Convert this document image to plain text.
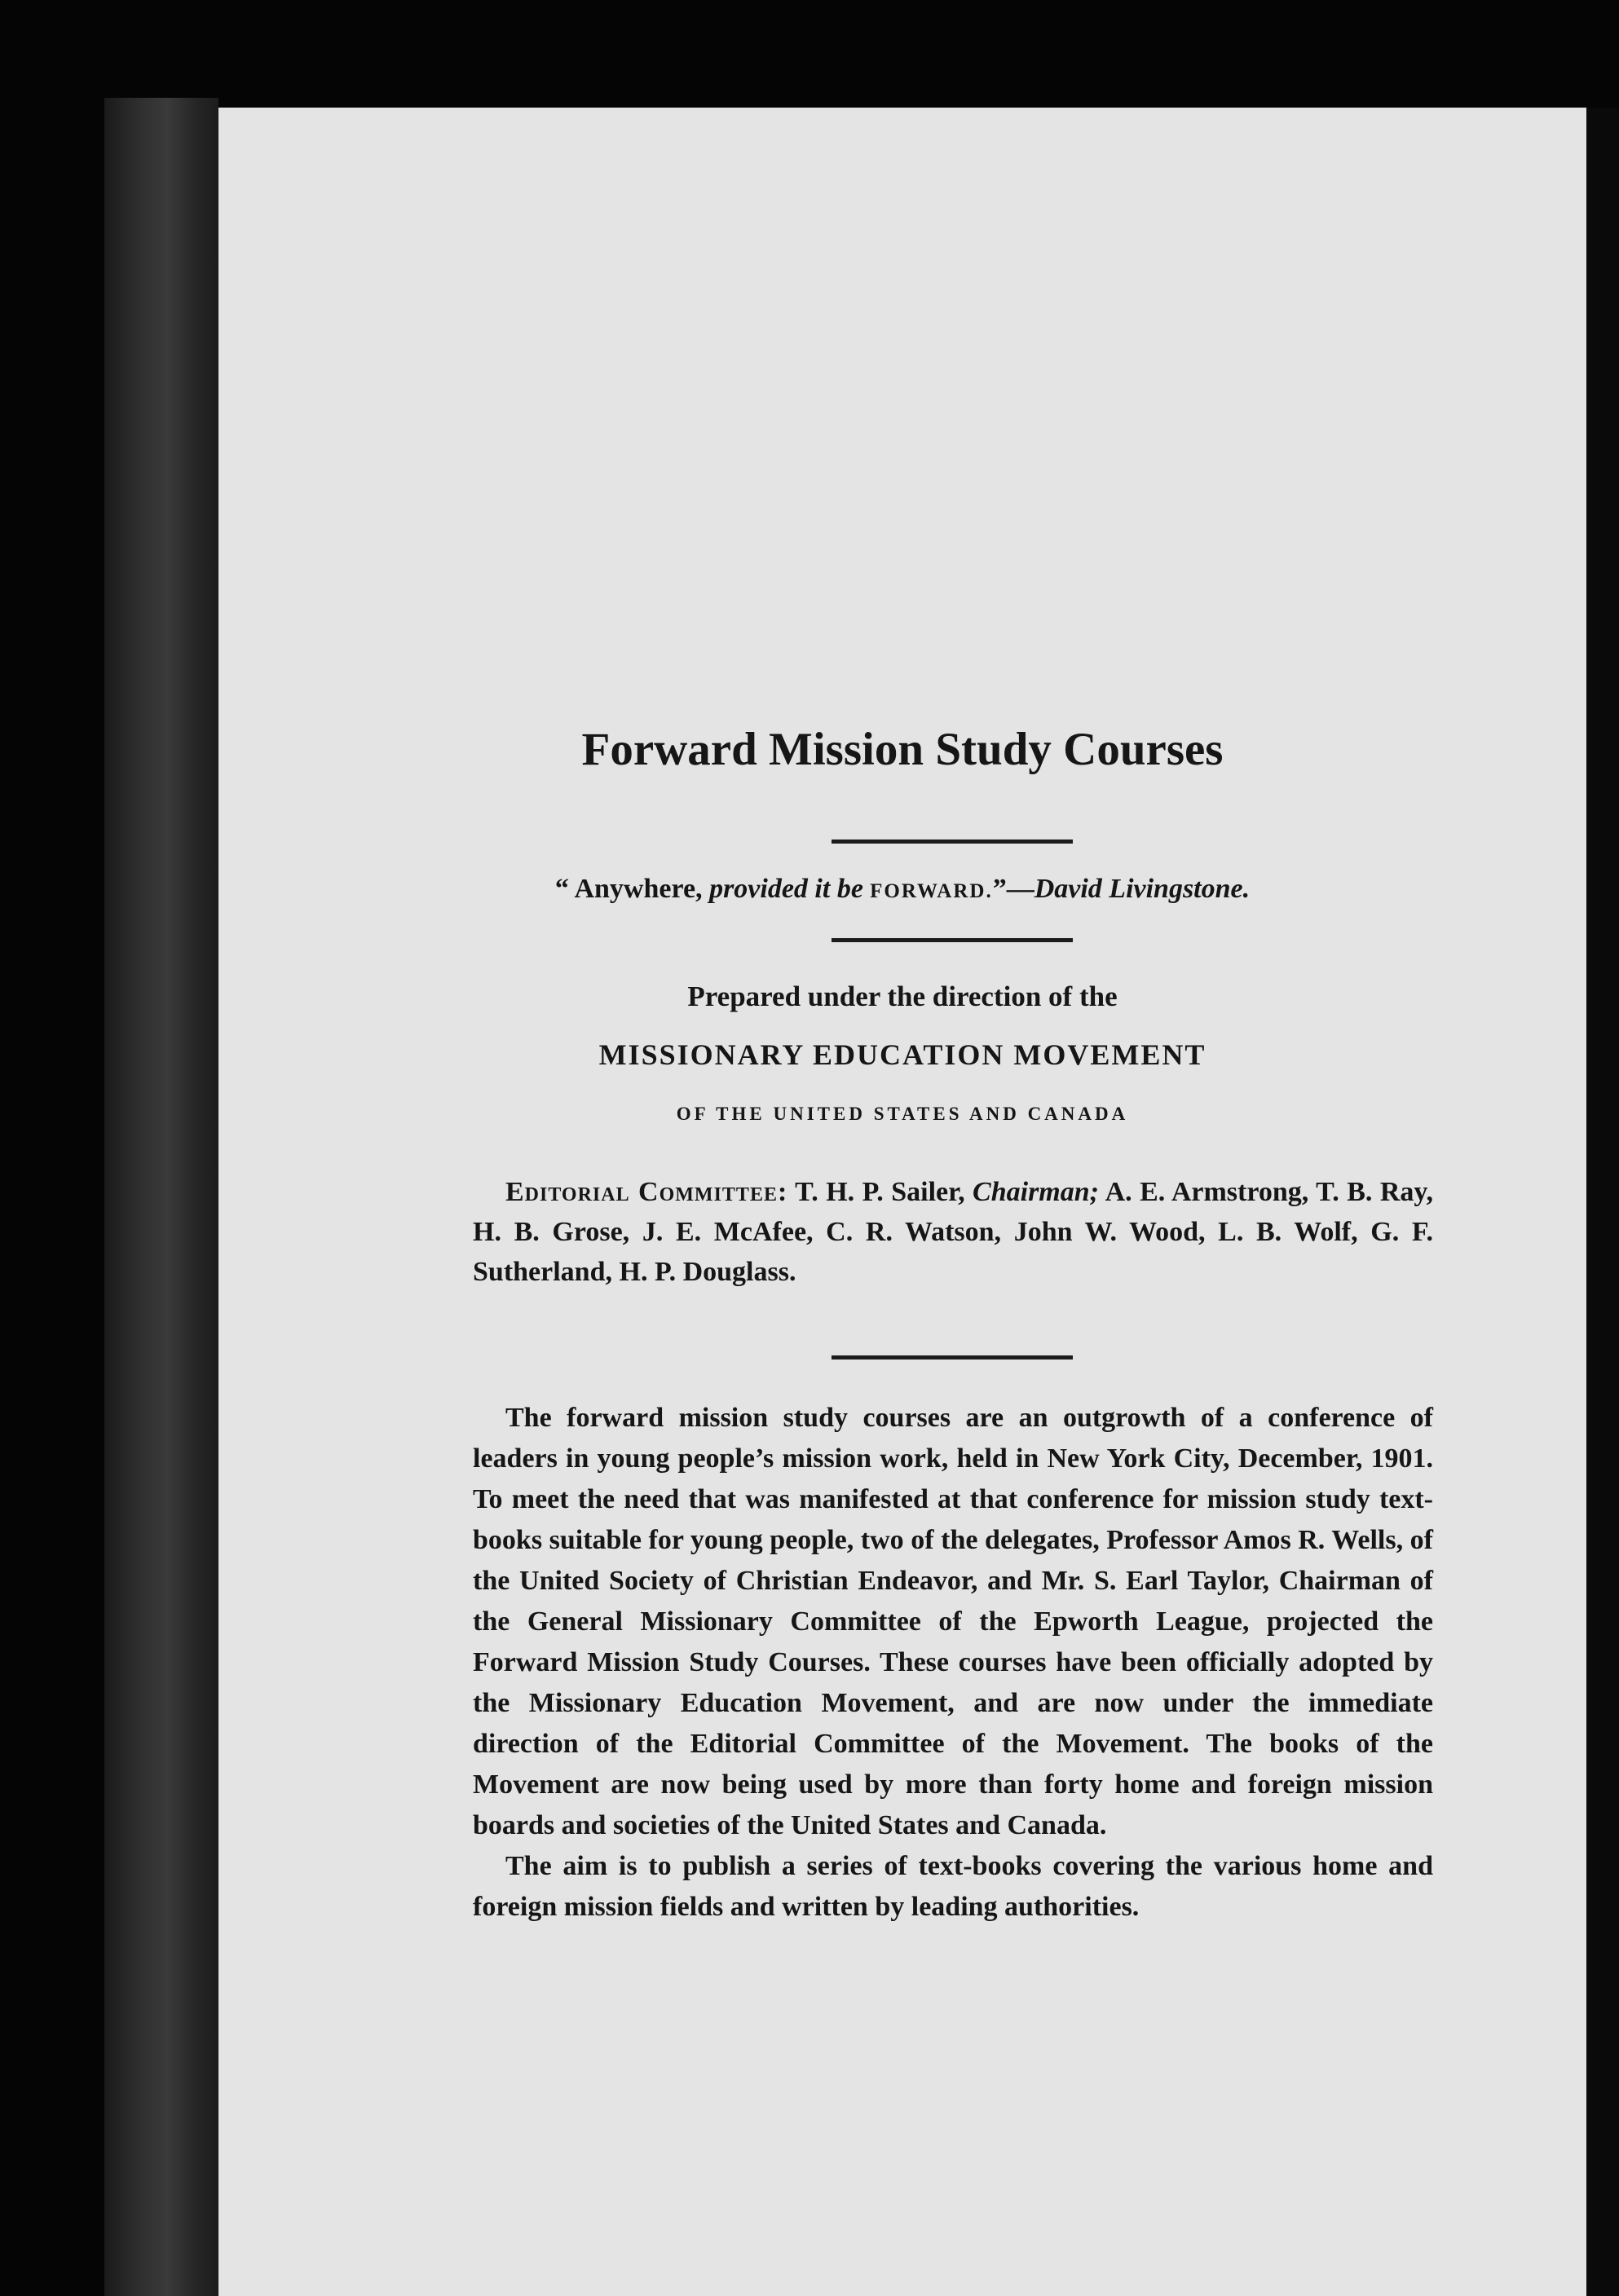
Forward Mission Study Courses
“ Anywhere, provided it be FORWARD.”—David Livingstone.
Prepared under the direction of the
MISSIONARY EDUCATION MOVEMENT
OF THE UNITED STATES AND CANADA
Editorial Committee: T. H. P. Sailer, Chairman; A. E. Armstrong, T. B. Ray, H. B. Grose, J. E. McAfee, C. R. Watson, John W. Wood, L. B. Wolf, G. F. Sutherland, H. P. Douglass.

The forward mission study courses are an outgrowth of a conference of leaders in young people’s mission work, held in New York City, December, 1901. To meet the need that was manifested at that conference for mission study text-books suitable for young people, two of the delegates, Professor Amos R. Wells, of the United Society of Christian Endeavor, and Mr. S. Earl Taylor, Chairman of the General Missionary Committee of the Epworth League, projected the Forward Mission Study Courses. These courses have been officially adopted by the Missionary Education Movement, and are now under the immediate direction of the Editorial Committee of the Movement. The books of the Movement are now being used by more than forty home and foreign mission boards and societies of the United States and Canada.

The aim is to publish a series of text-books covering the various home and foreign mission fields and written by leading authorities.
